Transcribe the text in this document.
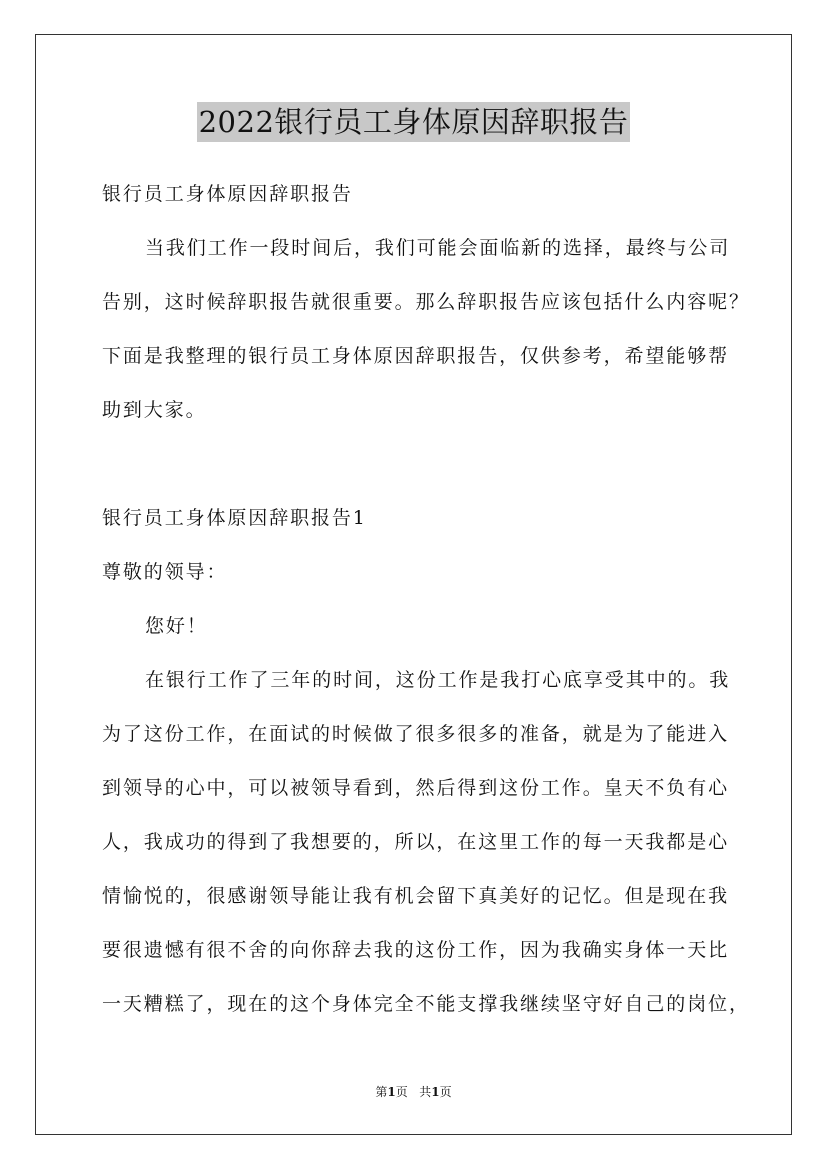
2022银行员工身体原因辞职报告

银行员工身体原因辞职报告

当我们工作一段时间后，我们可能会面临新的选择，最终与公司

告别，这时候辞职报告就很重要。那么辞职报告应该包括什么内容呢？

下面是我整理的银行员工身体原因辞职报告，仅供参考，希望能够帮

助到大家。

银行员工身体原因辞职报告1

尊敬的领导：

您好！

在银行工作了三年的时间，这份工作是我打心底享受其中的。我

为了这份工作，在面试的时候做了很多很多的准备，就是为了能进入

到领导的心中，可以被领导看到，然后得到这份工作。皇天不负有心

人，我成功的得到了我想要的，所以，在这里工作的每一天我都是心

情愉悦的，很感谢领导能让我有机会留下真美好的记忆。但是现在我

要很遗憾有很不舍的向你辞去我的这份工作，因为我确实身体一天比

一天糟糕了，现在的这个身体完全不能支撑我继续坚守好自己的岗位，

第1页 共1页
